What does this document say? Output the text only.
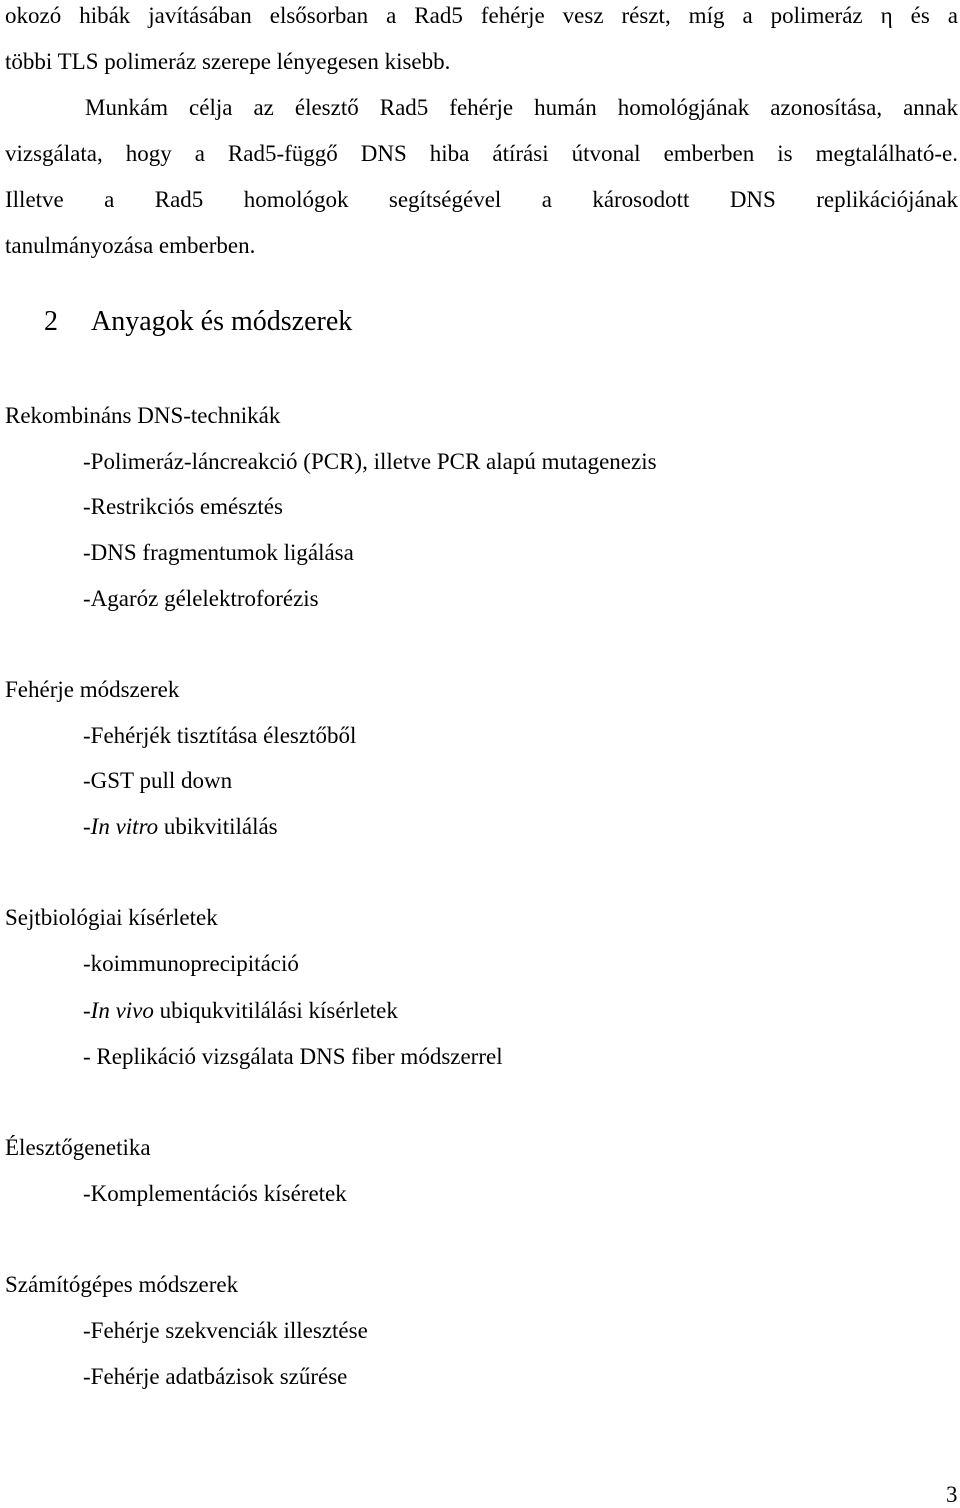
okozó hibák javításában elsősorban a Rad5 fehérje vesz részt, míg a polimeráz η és a
többi TLS polimeráz szerepe lényegesen kisebb.
Munkám célja az élesztő Rad5 fehérje humán homológjának azonosítása, annak
vizsgálata, hogy a Rad5-függő DNS hiba átírási útvonal emberben is megtalálható-e.
Illetve a Rad5 homológok segítségével a károsodott DNS replikációjának
tanulmányozása emberben.
2 Anyagok és módszerek
Rekombináns DNS-technikák
-Polimeráz-láncreakció (PCR), illetve PCR alapú mutagenezis
-Restrikciós emésztés
-DNS fragmentumok ligálása
-Agaróz gélelektroforézis
Fehérje módszerek
-Fehérjék tisztítása élesztőből
-GST pull down
-In vitro ubikvitilálás
Sejtbiológiai kísérletek
-koimmunoprecipitáció
-In vivo ubiqukvitilálási kísérletek
- Replikáció vizsgálata DNS fiber módszerrel
Élesztőgenetika
-Komplementációs kíséretek
Számítógépes módszerek
-Fehérje szekvenciák illesztése
-Fehérje adatbázisok szűrése
3
